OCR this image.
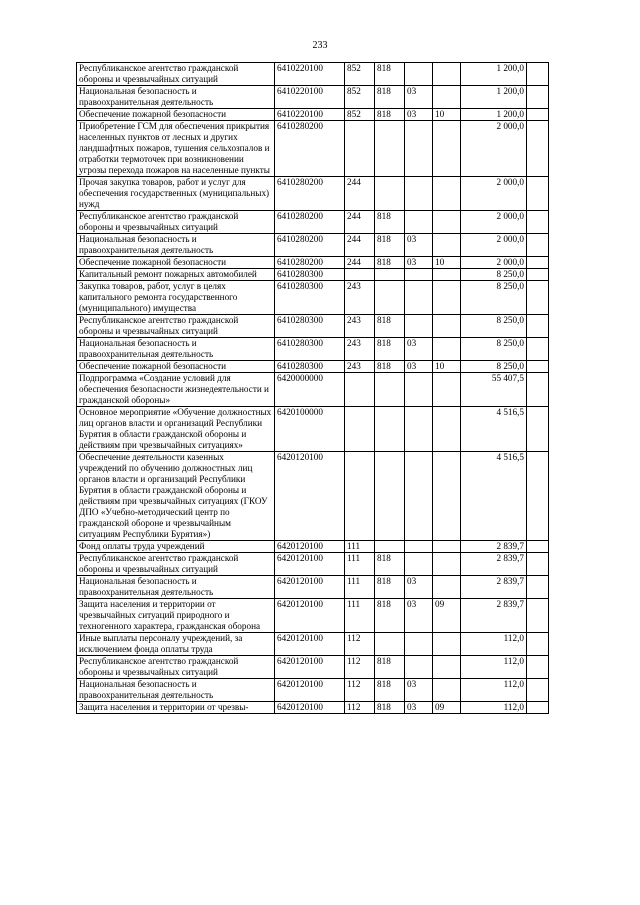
233
Республиканское агентство гражданской обороны и чрезвычайных ситуаций	6410220100	852	818			1 200,0	
Национальная безопасность и правоохранительная деятельность	6410220100	852	818	03		1 200,0	
Обеспечение пожарной безопасности	6410220100	852	818	03	10	1 200,0	
Приобретение ГСМ для обеспечения прикрытия населенных пунктов от лесных и других ландшафтных пожаров, тушения сельхозпалов и отработки термоточек при возникновении угрозы перехода пожаров на населенные пункты	6410280200					2 000,0	
Прочая закупка товаров, работ и услуг для обеспечения государственных (муниципальных) нужд	6410280200	244				2 000,0	
Республиканское агентство гражданской обороны и чрезвычайных ситуаций	6410280200	244	818			2 000,0	
Национальная безопасность и правоохранительная деятельность	6410280200	244	818	03		2 000,0	
Обеспечение пожарной безопасности	6410280200	244	818	03	10	2 000,0	
Капитальный ремонт пожарных автомобилей	6410280300					8 250,0	
Закупка товаров, работ, услуг в целях капитального ремонта государственного (муниципального) имущества	6410280300	243				8 250,0	
Республиканское агентство гражданской обороны и чрезвычайных ситуаций	6410280300	243	818			8 250,0	
Национальная безопасность и правоохранительная деятельность	6410280300	243	818	03		8 250,0	
Обеспечение пожарной безопасности	6410280300	243	818	03	10	8 250,0	
Подпрограмма «Создание условий для обеспечения безопасности жизнедеятельности и гражданской обороны»	6420000000					55 407,5	
Основное мероприятие «Обучение должностных лиц органов власти и организаций Республики Бурятия в области гражданской обороны и действиям при чрезвычайных ситуациях»	6420100000					4 516,5	
Обеспечение деятельности казенных учреждений по обучению должностных лиц органов власти и организаций Республики Бурятия в области гражданской обороны и действиям при чрезвычайных ситуациях (ГКОУ ДПО «Учебно-методический центр по гражданской обороне и чрезвычайным ситуациям Республики Бурятия»)	6420120100					4 516,5	
Фонд оплаты труда учреждений	6420120100	111				2 839,7	
Республиканское агентство гражданской обороны и чрезвычайных ситуаций	6420120100	111	818			2 839,7	
Национальная безопасность и правоохранительная деятельность	6420120100	111	818	03		2 839,7	
Защита населения и территории от чрезвычайных ситуаций природного и техногенного характера, гражданская оборона	6420120100	111	818	03	09	2 839,7	
Иные выплаты персоналу учреждений, за исключением фонда оплаты труда	6420120100	112				112,0	
Республиканское агентство гражданской обороны и чрезвычайных ситуаций	6420120100	112	818			112,0	
Национальная безопасность и правоохранительная деятельность	6420120100	112	818	03		112,0	
Защита населения и территории от чрезвы-	6420120100	112	818	03	09	112,0	
